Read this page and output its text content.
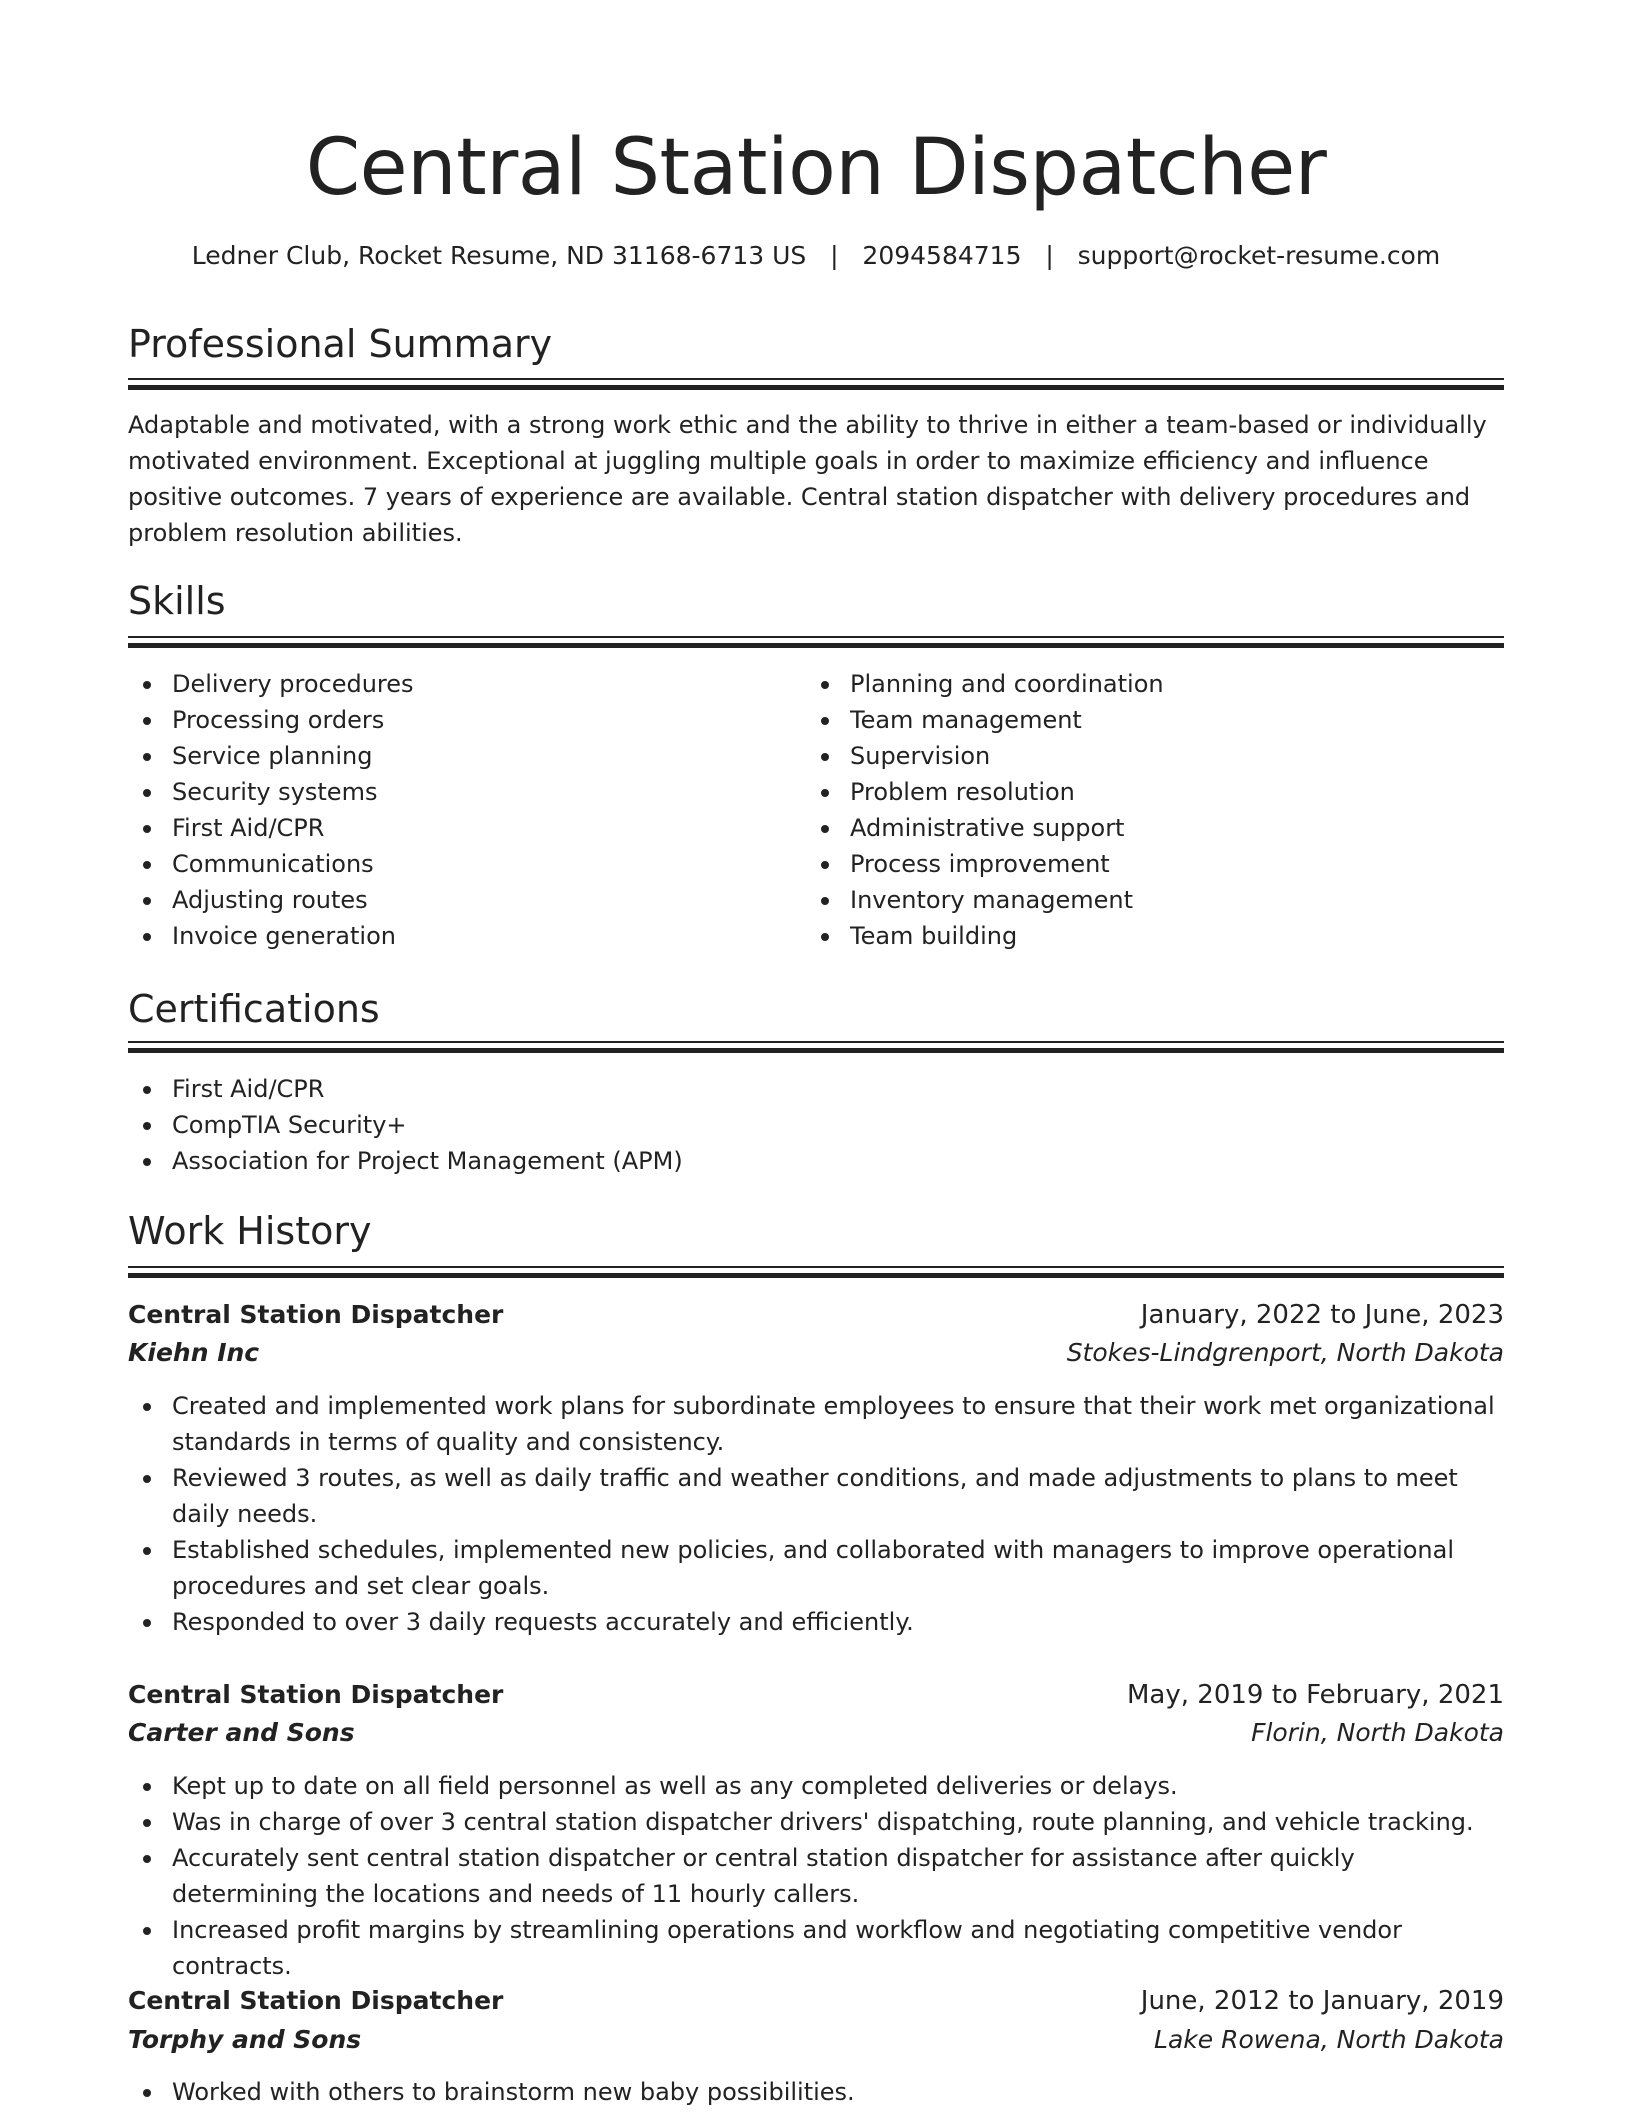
Central Station Dispatcher
Ledner Club, Rocket Resume, ND 31168-6713 US | 2094584715 | support@rocket-resume.com
Professional Summary
Adaptable and motivated, with a strong work ethic and the ability to thrive in either a team-based or individually motivated environment. Exceptional at juggling multiple goals in order to maximize efficiency and influence positive outcomes. 7 years of experience are available. Central station dispatcher with delivery procedures and problem resolution abilities.
Skills
Delivery procedures
Processing orders
Service planning
Security systems
First Aid/CPR
Communications
Adjusting routes
Invoice generation
Planning and coordination
Team management
Supervision
Problem resolution
Administrative support
Process improvement
Inventory management
Team building
Certifications
First Aid/CPR
CompTIA Security+
Association for Project Management (APM)
Work History
Central Station Dispatcher	January, 2022 to June, 2023
Kiehn Inc	Stokes-Lindgrenport, North Dakota
Created and implemented work plans for subordinate employees to ensure that their work met organizational standards in terms of quality and consistency.
Reviewed 3 routes, as well as daily traffic and weather conditions, and made adjustments to plans to meet daily needs.
Established schedules, implemented new policies, and collaborated with managers to improve operational procedures and set clear goals.
Responded to over 3 daily requests accurately and efficiently.
Central Station Dispatcher	May, 2019 to February, 2021
Carter and Sons	Florin, North Dakota
Kept up to date on all field personnel as well as any completed deliveries or delays.
Was in charge of over 3 central station dispatcher drivers' dispatching, route planning, and vehicle tracking.
Accurately sent central station dispatcher or central station dispatcher for assistance after quickly determining the locations and needs of 11 hourly callers.
Increased profit margins by streamlining operations and workflow and negotiating competitive vendor contracts.
Central Station Dispatcher	June, 2012 to January, 2019
Torphy and Sons	Lake Rowena, North Dakota
Worked with others to brainstorm new baby possibilities.
